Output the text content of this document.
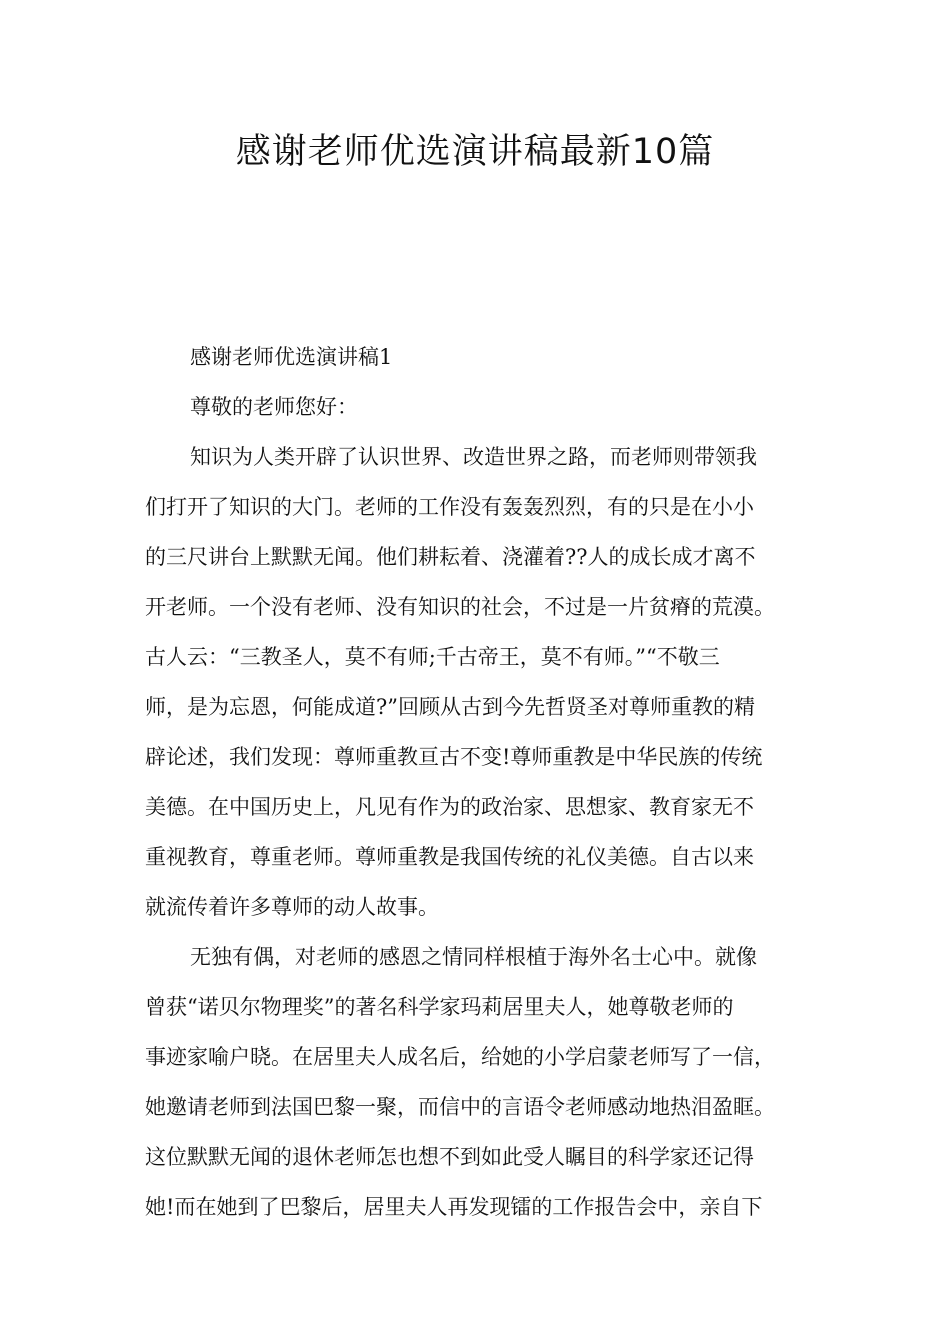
感谢老师优选演讲稿最新10篇

感谢老师优选演讲稿1

尊敬的老师您好：

知识为人类开辟了认识世界、改造世界之路，而老师则带领我

们打开了知识的大门。老师的工作没有轰轰烈烈，有的只是在小小

的三尺讲台上默默无闻。他们耕耘着、浇灌着??人的成长成才离不

开老师。一个没有老师、没有知识的社会，不过是一片贫瘠的荒漠。

古人云：“三教圣人，莫不有师;千古帝王，莫不有师。”“不敬三

师，是为忘恩，何能成道?”回顾从古到今先哲贤圣对尊师重教的精

辟论述，我们发现：尊师重教亘古不变!尊师重教是中华民族的传统

美德。在中国历史上，凡见有作为的政治家、思想家、教育家无不

重视教育，尊重老师。尊师重教是我国传统的礼仪美德。自古以来

就流传着许多尊师的动人故事。

无独有偶，对老师的感恩之情同样根植于海外名士心中。就像

曾获“诺贝尔物理奖”的著名科学家玛莉居里夫人，她尊敬老师的

事迹家喻户晓。在居里夫人成名后，给她的小学启蒙老师写了一信，

她邀请老师到法国巴黎一聚，而信中的言语令老师感动地热泪盈眶。

这位默默无闻的退休老师怎也想不到如此受人瞩目的科学家还记得

她!而在她到了巴黎后，居里夫人再发现镭的工作报告会中，亲自下
